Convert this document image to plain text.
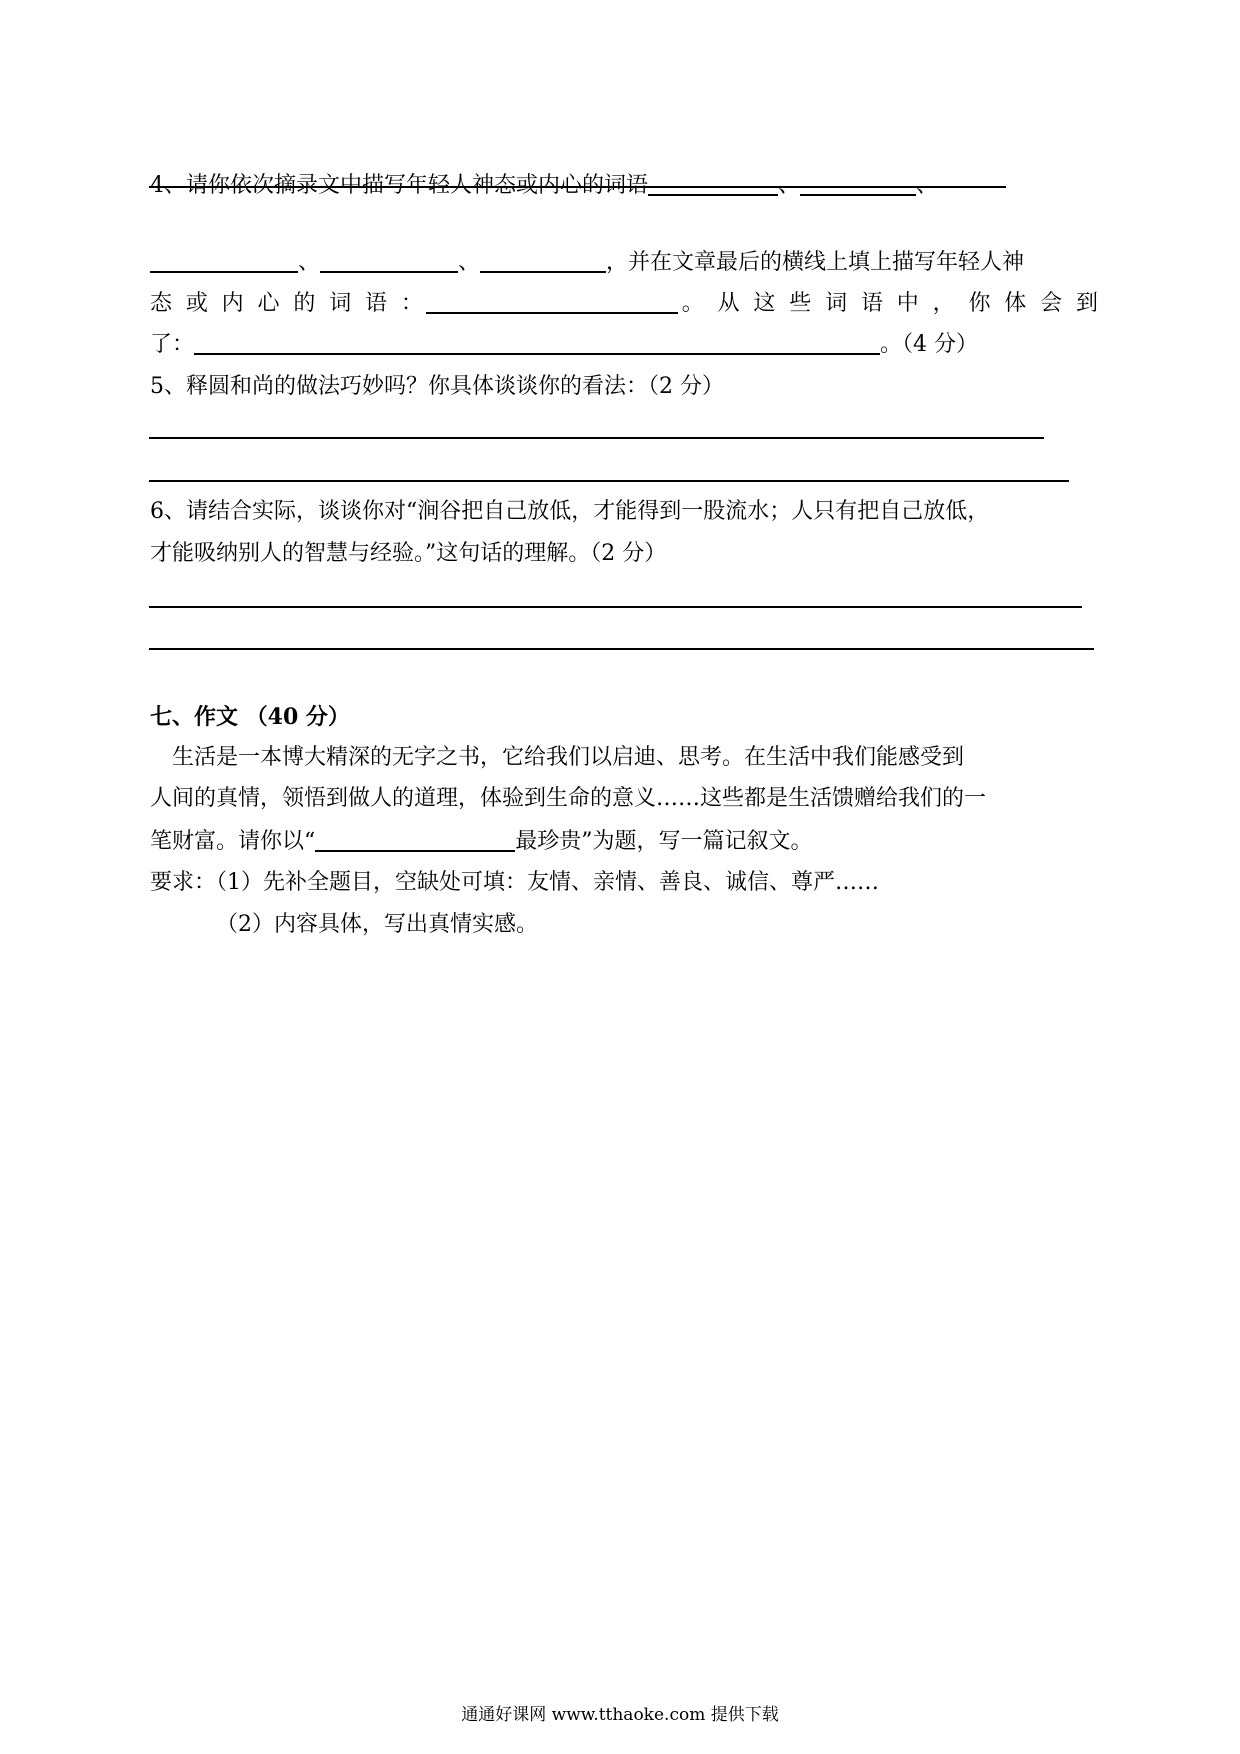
4、请你依次摘录文中描写年轻人神态或内心的词语	、	、
、	、	，并在文章最后的横线上填上描写年轻人神
态 或 内 心 的 词 语 ：	。 从 这 些 词 语 中 ， 你 体 会 到
了：	。（4 分）
5、释圆和尚的做法巧妙吗？你具体谈谈你的看法：（2 分）
6、请结合实际，谈谈你对“涧谷把自己放低，才能得到一股流水；人只有把自己放低，
才能吸纳别人的智慧与经验。”这句话的理解。（2 分）
七、作文 （40 分）
生活是一本博大精深的无字之书，它给我们以启迪、思考。在生活中我们能感受到
人间的真情，领悟到做人的道理，体验到生命的意义……这些都是生活馈赠给我们的一
笔财富。请你以“	最珍贵”为题，写一篇记叙文。
要求：（1）先补全题目，空缺处可填：友情、亲情、善良、诚信、尊严……
（2）内容具体，写出真情实感。
通通好课网 www.tthaoke.com 提供下载
